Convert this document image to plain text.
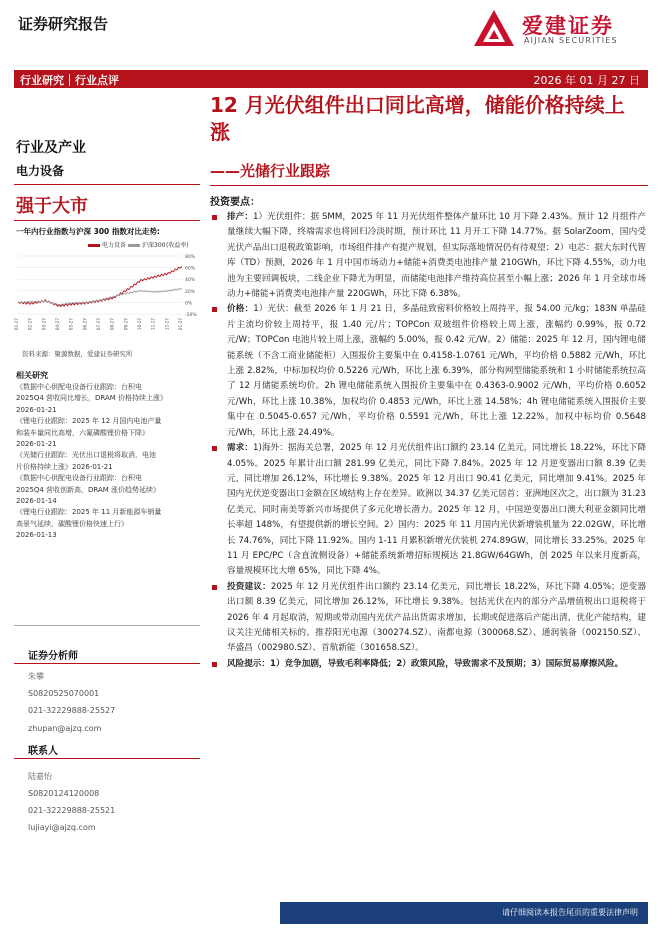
证券研究报告	爱建证券
AIJIAN SECURITIES
行业研究｜行业点评	2026 年 01 月 27 日
12 月光伏组件出口同比高增，储能价格持续上涨
——光储行业跟踪
行业及产业
电力设备
强于大市
一年内行业指数与沪深 300 指数对比走势:
电力设备	沪深300 (收益率)
80%
60%
40%
20%
0%
-20%
01-27 02-27 03-27 04-27 05-27 06-27 07-27 08-27 09-27 10-27 11-27 12-27 01-27
资料来源：聚源数据，爱建证券研究所
相关研究
《数据中心供配电设备行业跟踪：台积电
2025Q4 营收同比增长，DRAM 价格持续上涨》
2026-01-21
《锂电行业跟踪：2025 年 12 月国内电池产量
和装车量同比高增，六氟磷酸锂价格下降》
2026-01-21
《光储行业跟踪：光伏出口退税将取消，电池
片价格持续上涨》2026-01-21
《数据中心供配电设备行业跟踪：台积电
2025Q4 营收创新高，DRAM 涨价趋势延续》
2026-01-14
《锂电行业跟踪：2025 年 11 月新能源车销量
高景气延续，碳酸锂价格快速上行》
2026-01-13
证券分析师
朱攀
S0820525070001
021-32229888-25527
zhupan@ajzq.com
联系人
陆嘉怡
S0820124120008
021-32229888-25521
lujiayi@ajzq.com
投资要点：
排产：1）光伏组件：据 SMM，2025 年 11 月光伏组件整体产量环比 10 月下降 2.43%。预计 12 月组件产量继续大幅下降，终端需求也将回归冷淡时期，预计环比 11 月开工下降 14.77%。据 SolarZoom，国内受光伏产品出口退税政策影响，市场组件排产有提产规划，但实际落地情况仍有待观望；2）电芯：据大东时代智库（TD）预测，2026 年 1 月中国市场动力+储能+消费类电池排产量 210GWh，环比下降 4.55%，动力电池为主要回调板块，二线企业下降尤为明显，而储能电池排产维持高位甚至小幅上涨；2026 年 1 月全球市场动力+储能+消费类电池排产量 220GWh，环比下降 6.38%。
价格：1）光伏：截至 2026 年 1 月 21 日，多晶硅致密料价格较上周持平，报 54.00 元/kg；183N 单晶硅片主流均价较上周持平，报 1.40 元/片；TOPCon 双玻组件价格较上周上涨，涨幅约 0.99%，报 0.72 元/W；TOPCon 电池片较上周上涨，涨幅约 5.00%，报 0.42 元/W。2）储能：2025 年 12 月，国内锂电储能系统（不含工商业储能柜）入围报价主要集中在 0.4158-1.0761 元/Wh，平均价格 0.5882 元/Wh，环比上涨 2.82%，中标加权均价 0.5226 元/Wh，环比上涨 6.39%，部分构网型储能系统和 1 小时储能系统拉高了 12 月储能系统均价。2h 锂电储能系统入围报价主要集中在 0.4363-0.9002 元/Wh，平均价格 0.6052 元/Wh，环比上涨 10.38%，加权均价 0.4853 元/Wh，环比上涨 14.58%；4h 锂电储能系统入围报价主要集中在 0.5045-0.657 元/Wh，平均价格 0.5591 元/Wh，环比上涨 12.22%，加权中标均价 0.5648 元/Wh，环比上涨 24.49%。
需求：1)海外：据海关总署，2025 年 12 月光伏组件出口额约 23.14 亿美元，同比增长 18.22%，环比下降 4.05%。2025 年累计出口额 281.99 亿美元，同比下降 7.84%。2025 年 12 月逆变器出口额 8.39 亿美元，同比增加 26.12%，环比增长 9.38%。2025 年 12 月出口 90.41 亿美元，同比增加 9.41%。2025 年国内光伏逆变器出口金额在区域结构上存在差异。欧洲以 34.37 亿美元居首；亚洲地区次之，出口额为 31.23 亿美元，同时南美等新兴市场提供了多元化增长潜力。2025 年 12 月，中国逆变器出口澳大利亚金额同比增长率超 148%，有望提供新的增长空间。2）国内：2025 年 11 月国内光伏新增装机量为 22.02GW，环比增长 74.76%，同比下降 11.92%。国内 1-11 月累积新增光伏装机 274.89GW，同比增长 33.25%。2025 年 11 月 EPC/PC（含直流侧设备）+储能系统新增招标规模达 21.8GW/64GWh，创 2025 年以来月度新高，容量规模环比大增 65%，同比下降 4%。
投资建议：2025 年 12 月光伏组件出口额约 23.14 亿美元，同比增长 18.22%，环比下降 4.05%；逆变器出口额 8.39 亿美元，同比增加 26.12%，环比增长 9.38%。包括光伏在内的部分产品增值税出口退税将于 2026 年 4 月起取消，短期或带动国内光伏产品出货需求增加，长期或促进落后产能出清，优化产能结构，建议关注光储相关标的。推荐阳光电源（300274.SZ）、南都电源（300068.SZ）、通润装备（002150.SZ）、华盛昌（002980.SZ）、首航新能（301658.SZ）。
风险提示：1）竞争加剧，导致毛利率降低；2）政策风险，导致需求不及预期；3）国际贸易摩擦风险。
请仔细阅读本报告尾页的重要法律声明
